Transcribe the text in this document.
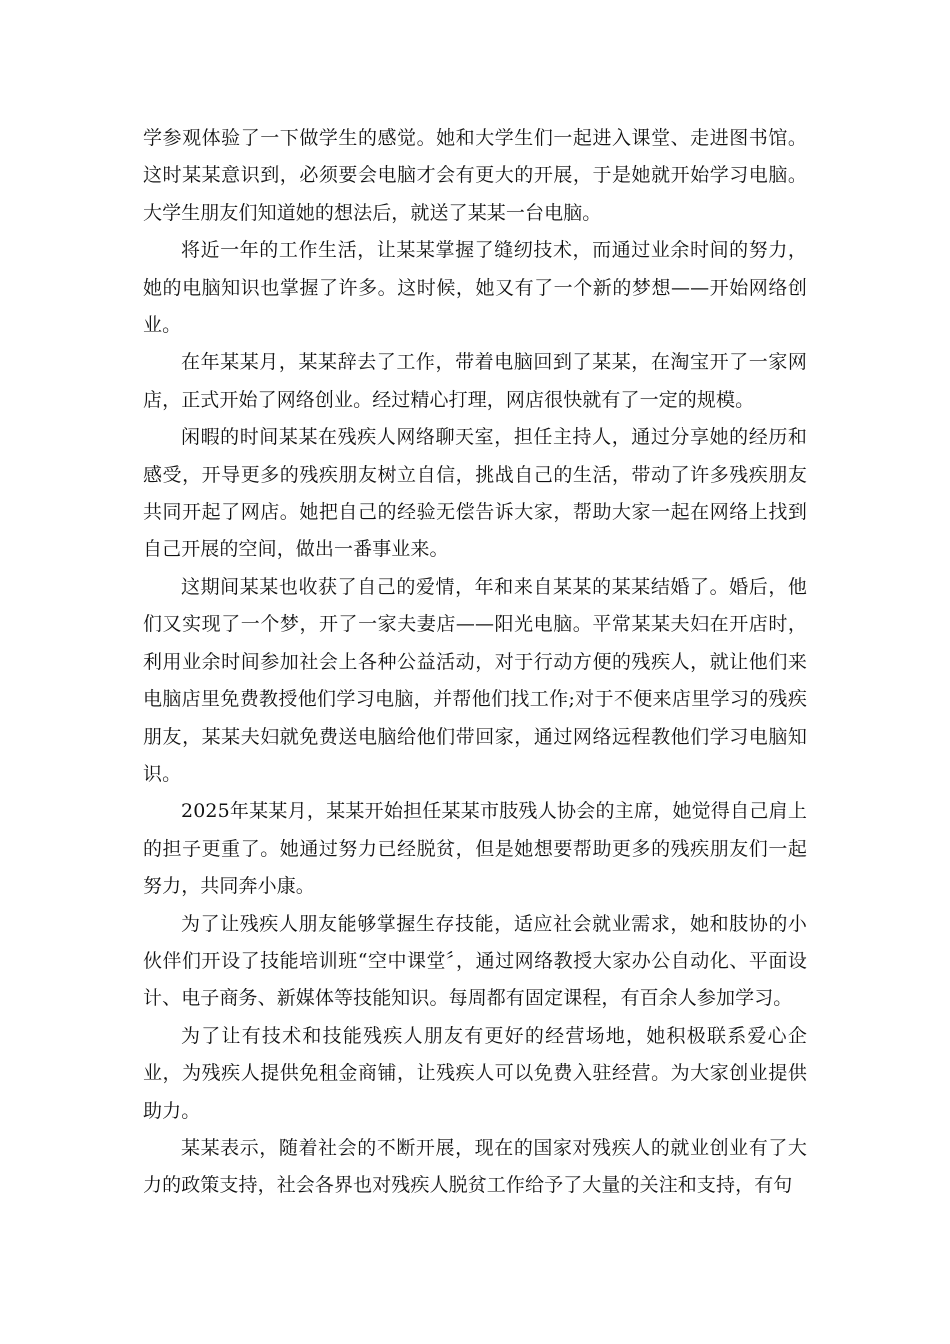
学参观体验了一下做学生的感觉。她和大学生们一起进入课堂、走进图书馆。这时某某意识到，必须要会电脑才会有更大的开展，于是她就开始学习电脑。大学生朋友们知道她的想法后，就送了某某一台电脑。

将近一年的工作生活，让某某掌握了缝纫技术，而通过业余时间的努力，她的电脑知识也掌握了许多。这时候，她又有了一个新的梦想——开始网络创业。

在年某某月，某某辞去了工作，带着电脑回到了某某，在淘宝开了一家网店，正式开始了网络创业。经过精心打理，网店很快就有了一定的规模。

闲暇的时间某某在残疾人网络聊天室，担任主持人，通过分享她的经历和感受，开导更多的残疾朋友树立自信，挑战自己的生活，带动了许多残疾朋友共同开起了网店。她把自己的经验无偿告诉大家，帮助大家一起在网络上找到自己开展的空间，做出一番事业来。

这期间某某也收获了自己的爱情，年和来自某某的某某结婚了。婚后，他们又实现了一个梦，开了一家夫妻店——阳光电脑。平常某某夫妇在开店时，利用业余时间参加社会上各种公益活动，对于行动方便的残疾人，就让他们来电脑店里免费教授他们学习电脑，并帮他们找工作;对于不便来店里学习的残疾朋友，某某夫妇就免费送电脑给他们带回家，通过网络远程教他们学习电脑知识。

2025年某某月，某某开始担任某某市肢残人协会的主席，她觉得自己肩上的担子更重了。她通过努力已经脱贫，但是她想要帮助更多的残疾朋友们一起努力，共同奔小康。

为了让残疾人朋友能够掌握生存技能，适应社会就业需求，她和肢协的小伙伴们开设了技能培训班“空中课堂〞，通过网络教授大家办公自动化、平面设计、电子商务、新媒体等技能知识。每周都有固定课程，有百余人参加学习。

为了让有技术和技能残疾人朋友有更好的经营场地，她积极联系爱心企业，为残疾人提供免租金商铺，让残疾人可以免费入驻经营。为大家创业提供助力。

某某表示，随着社会的不断开展，现在的国家对残疾人的就业创业有了大力的政策支持，社会各界也对残疾人脱贫工作给予了大量的关注和支持，有句
